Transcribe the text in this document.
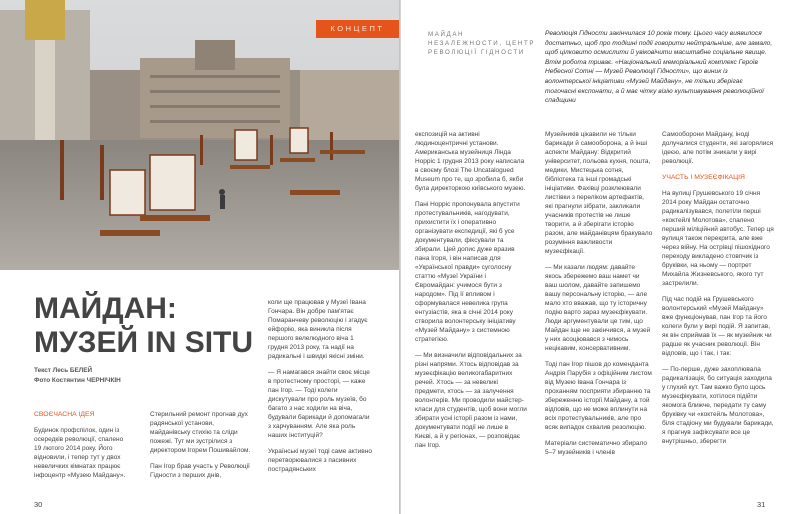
КОНЦЕПТ
МАЙДАН:
МУЗЕЙ IN SITU
Текст Лесь БЕЛЕЙ
Фото Костянтин ЧЕРНІЧКІН
СВОЄЧАСНА ІДЕЯ

Будинок профспілок, один із осередків революції, спалено 19 лютого 2014 року. Його відновили, і тепер тут у двох невеличких кімнатах працює інфоцентр «Музею Майдану».

Стерильний ремонт прогнав дух радянської установи, майданівську стихію та сліди пожежі. Тут ми зустрілися з директором Ігорем Пошивайлом.

Пан Ігор брав участь у Революції Гідности з перших днів,

коли ще працював у Музеї Івана Гончара. Він добре пам'ятає Помаранчеву революцію і згадує ейфорію, яка виникла після першого велелюдного віча 1 грудня 2013 року, та надії на радикальні і швидкі якісні зміни.

— Я намагався знайти своє місце в протестному просторі, — каже пан Ігор. — Тоді колеги дискутували про роль музеїв, бо багато з нас ходили на віча, будували барикади й допомагали з харчуванням. Але яка роль наших інституцій?

Українські музеї тоді саме активно перетворювалися з пасивних пострадянських

30
МАЙДАН НЕЗАЛЕЖНОСТИ, ЦЕНТР РЕВОЛЮЦІЇ ГІДНОСТИ
Революція Гідности закінчилася 10 років тому. Цього часу виявилося достатньо, щоб про тодішні події говорити нейтральніше, але замало, щоб цілковито осмислити й увіковічити масштабне соціальне явище. Втім робота триває. «Національний меморіальний комплекс Героїв Небесної Сотні — Музей Революції Гідности», що виник із волонтерської ініціативи «Музей Майдану», не тільки зберігає тогочасні експонати, а й має чітку візію культивування революційної спадщини

експозицій на активні людиноцентричні установи. Американська музейниця Лінда Норріс 1 грудня 2013 року написала в своєму блозі The Uncatalogued Museum про те, що зробила б, якби була директоркою київського музею.

Пані Норріс пропонувала впустити протестувальників, нагодувати, прихистити їх і оперативно організувати експедиції, які б усе документували, фіксували та збирали. Цей допис дуже вразив пана Ігоря, і він написав для «Української правди» суголосну статтю «Музеї України і Євромайдан: учимося бути з народом». Під її впливом і сформувалася невелика група ентузіастів, яка в січні 2014 року створила волонтерську ініціативу «Музей Майдану» з системною стратегією.

— Ми визначили відповідальних за різні напрями. Хтось відповідав за музеєфікацію великогабаритних речей. Хтось — за невеликі предмети, хтось — за залучення волонтерів. Ми проводили майстер-класи для студентів, щоб вони могли збирати усні історії разом із нами, документувати події не лише в Києві, а й у регіонах, — розповідає пан Ігор.

Музейників цікавили не тільки барикади й самооборона, а й інші аспекти Майдану: Відкритий університет, польова кухня, пошта, медики, Мистецька сотня, бібліотека та інші громадські ініціативи. Фахівці розклеювали листівки з переліком артефактів, які прагнули зібрати, закликали учасників протестів не лише творити, а й зберігати історію разом, але майданівцям бракувало розуміння важливости музеєфікації.

— Ми казали людям: давайте якось збережемо ваш намет чи ваш шолом, давайте запишемо вашу персональну історію, — але мало хто вважав, що ту історичну подію варто зараз музеєфікувати. Люди аргументували це тим, що Майдан іще не закінчився, а музей у них асоціювався з чимось нецікавим, консервативним.

Тоді пан Ігор пішов до коменданта Андрія Парубія з офіційним листом від Музею Івана Гончара із проханням посприяти збиранню та збереженню історії Майдану, а той відповів, що не може вплинути на всіх протестувальників, але про всяк випадок схвалив резолюцію.

Матеріали систематично збирало 5–7 музейників і членів

Самооборони Майдану, іноді долучалися студенти, які загорялися ідеєю, але потім зникали у вирі революції.

УЧАСТЬ І МУЗЕЄФІКАЦІЯ

На вулиці Грушевського 19 січня 2014 року Майдан остаточно радикалізувався, полетіли перші «коктейлі Молотова», спалено перший міліційний автобус. Тепер ця вулиця також перекрита, але вже через війну. На острівці пішохідного переходу викладено стовпчик із бруківки, на ньому — портрет Михайла Жизневського, якого тут застрелили.

Під час подій на Грушевського волонтерський «Музей Майдану» вже функціонував, пан Ігор та його колеги були у вирі подій. Я запитав, як він сприймав їх — як музейник чи радше як учасник революції. Він відповів, що і так, і так:

— По-перше, дуже захоплювала радикалізація, бо ситуація заходила у глухий кут. Там важко було щось музеєфікувати, хотілося підійти якомога ближче, передати ту саму бруківку чи «коктейль Молотова», біля стадіону ми будували барикади, я прагнув зафіксувати все це внутрішньо, зберегти

31
